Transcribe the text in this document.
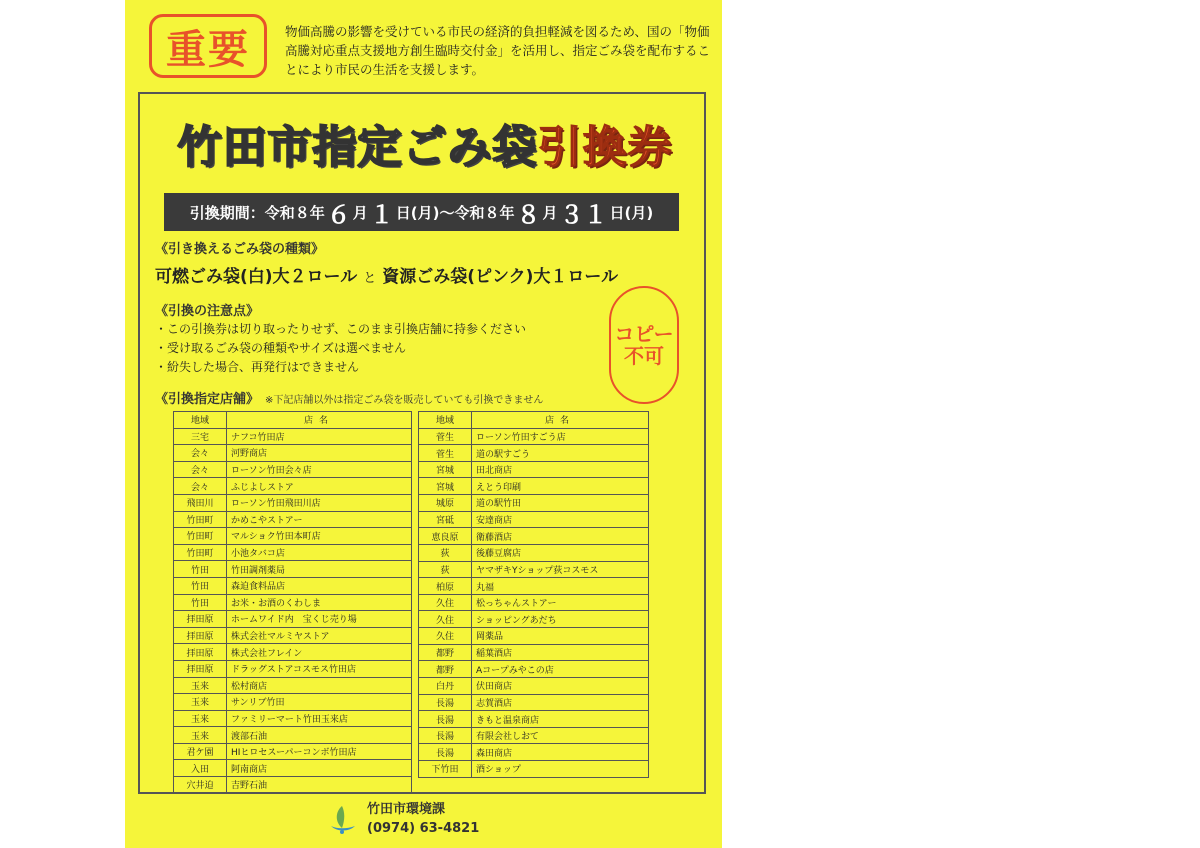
重要	物価高騰の影響を受けている市民の経済的負担軽減を図るため、国の「物価高騰対応重点支援地方創生臨時交付金」を活用し、指定ごみ袋を配布することにより市民の生活を支援します。
竹田市指定ごみ袋 引換券
引換期間：令和８年 ６ 月 １ 日(月)～令和８年 ８ 月 ３１ 日(月)
《引き換えるごみ袋の種類》
可燃ごみ袋(白)大２ロール と 資源ごみ袋(ピンク)大１ロール
《引換の注意点》
・ この引換券は切り取ったりせず、このまま引換店舗に持参ください
・ 受け取るごみ袋の種類やサイズは選べません
・ 紛失した場合、再発行はできません
コピー
不可
《引換指定店舗》 ※下記店舗以外は指定ごみ袋を販売していても引換できません
地域	店名
三宅	ナフコ竹田店
会々	河野商店
会々	ローソン竹田会々店
会々	ふじよしストア
飛田川	ローソン竹田飛田川店
竹田町	かめこやストアー
竹田町	マルショク竹田本町店
竹田町	小池タバコ店
竹田	竹田調剤薬局
竹田	森迫食料品店
竹田	お米・お酒のくわしま
拝田原	ホームワイド内　宝くじ売り場
拝田原	株式会社マルミヤストア
拝田原	株式会社フレイン
拝田原	ドラッグストアコスモス竹田店
玉来	松村商店
玉来	サンリブ竹田
玉来	ファミリーマート竹田玉来店
玉来	渡部石油
君ケ園	HIヒロセスーパーコンボ竹田店
入田	阿南商店
穴井迫	吉野石油
地域	店名
菅生	ローソン竹田すごう店
菅生	道の駅すごう
宮城	田北商店
宮城	えとう印刷
城原	道の駅竹田
宮砥	安達商店
恵良原	衛藤酒店
荻	後藤豆腐店
荻	ヤマザキYショップ荻コスモス
柏原	丸福
久住	松っちゃんストアー
久住	ショッピングあだち
久住	岡薬品
都野	稲葉酒店
都野	Aコープみやこの店
白丹	伏田商店
長湯	志賀酒店
長湯	きもと温泉商店
長湯	有限会社しおて
長湯	森田商店
下竹田	酒ショップ

竹田市環境課
(0974) 63-4821
